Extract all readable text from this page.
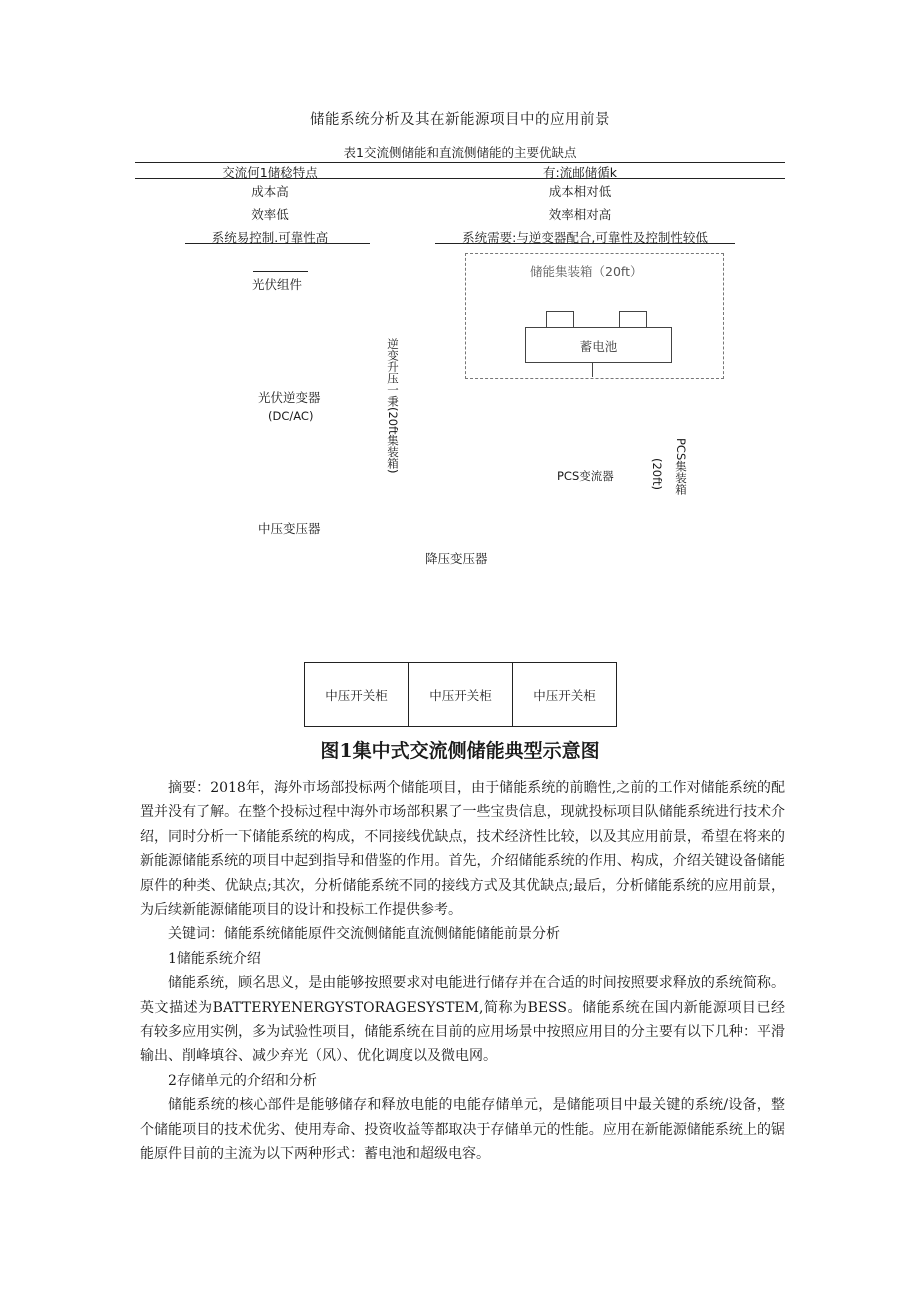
储能系统分析及其在新能源项目中的应用前景
表1交流侧储能和直流侧储能的主要优缺点
交流何1储稔特点	有:流邮储循k
成本高	成本相对低
效率低	效率相对高
系统易控制.可靠性高	系统需要:与逆变器配合,可靠性及控制性较低
光伏组件
光伏逆变器
(DC/AC)
中压变压器
逆变升压一秉(20ft集装箱)
储能集装箱（20ft）
蓄电池
PCS变流器	PCS集装箱
(20ft)
降压变压器
中压开关柜	中压开关柜	中压开关柜
图1集中式交流侧储能典型示意图

摘要：2018年，海外市场部投标两个储能项目，由于储能系统的前瞻性,之前的工作对储能系统的配置并没有了解。在整个投标过程中海外市场部积累了一些宝贵信息，现就投标项目队储能系统进行技术介绍，同时分析一下储能系统的构成，不同接线优缺点，技术经济性比较，以及其应用前景，希望在将来的新能源储能系统的项目中起到指导和借鉴的作用。首先，介绍储能系统的作用、构成，介绍关键设备储能原件的种类、优缺点;其次，分析储能系统不同的接线方式及其优缺点;最后，分析储能系统的应用前景，为后续新能源储能项目的设计和投标工作提供参考。

关键词：储能系统储能原件交流侧储能直流侧储能储能前景分析

1储能系统介绍

储能系统，顾名思义，是由能够按照要求对电能进行储存并在合适的时间按照要求释放的系统简称。英文描述为BATTERYENERGYSTORAGESYSTEM,简称为BESS。储能系统在国内新能源项目已经有较多应用实例，多为试验性项目，储能系统在目前的应用场景中按照应用目的分主要有以下几种：平滑输出、削峰填谷、减少弃光（风）、优化调度以及微电网。

2存储单元的介绍和分析

储能系统的核心部件是能够储存和释放电能的电能存储单元，是储能项目中最关键的系统/设备，整个储能项目的技术优劣、使用寿命、投资收益等都取决于存储单元的性能。应用在新能源储能系统上的锯能原件目前的主流为以下两种形式：蓄电池和超级电容。
